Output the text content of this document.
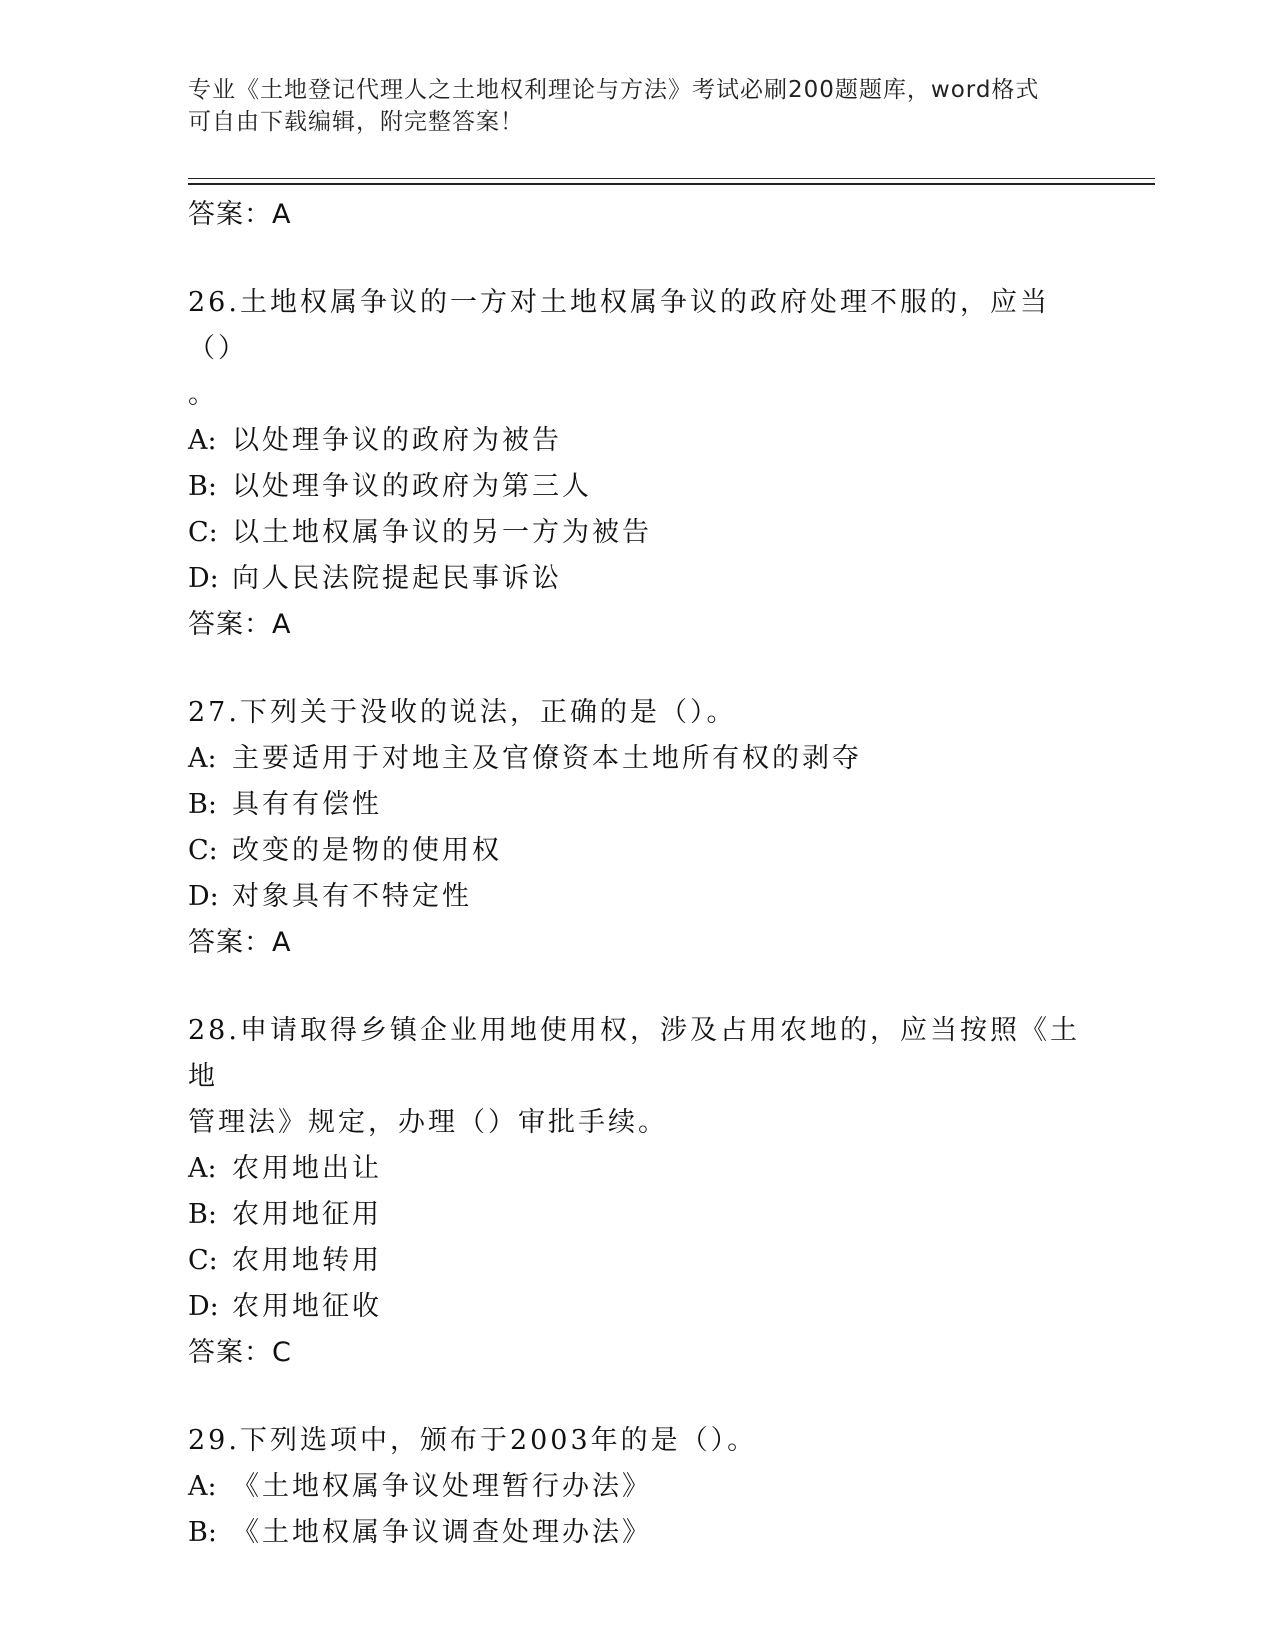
专业《土地登记代理人之土地权利理论与方法》考试必刷200题题库，word格式
可自由下载编辑，附完整答案！
答案：A
26.土地权属争议的一方对土地权属争议的政府处理不服的，应当（）
。
A: 以处理争议的政府为被告
B: 以处理争议的政府为第三人
C: 以土地权属争议的另一方为被告
D: 向人民法院提起民事诉讼
答案：A
27.下列关于没收的说法，正确的是（）。
A: 主要适用于对地主及官僚资本土地所有权的剥夺
B: 具有有偿性
C: 改变的是物的使用权
D: 对象具有不特定性
答案：A
28.申请取得乡镇企业用地使用权，涉及占用农地的，应当按照《土地
管理法》规定，办理（）审批手续。
A: 农用地出让
B: 农用地征用
C: 农用地转用
D: 农用地征收
答案：C
29.下列选项中，颁布于2003年的是（）。
A: 《土地权属争议处理暂行办法》
B: 《土地权属争议调查处理办法》
